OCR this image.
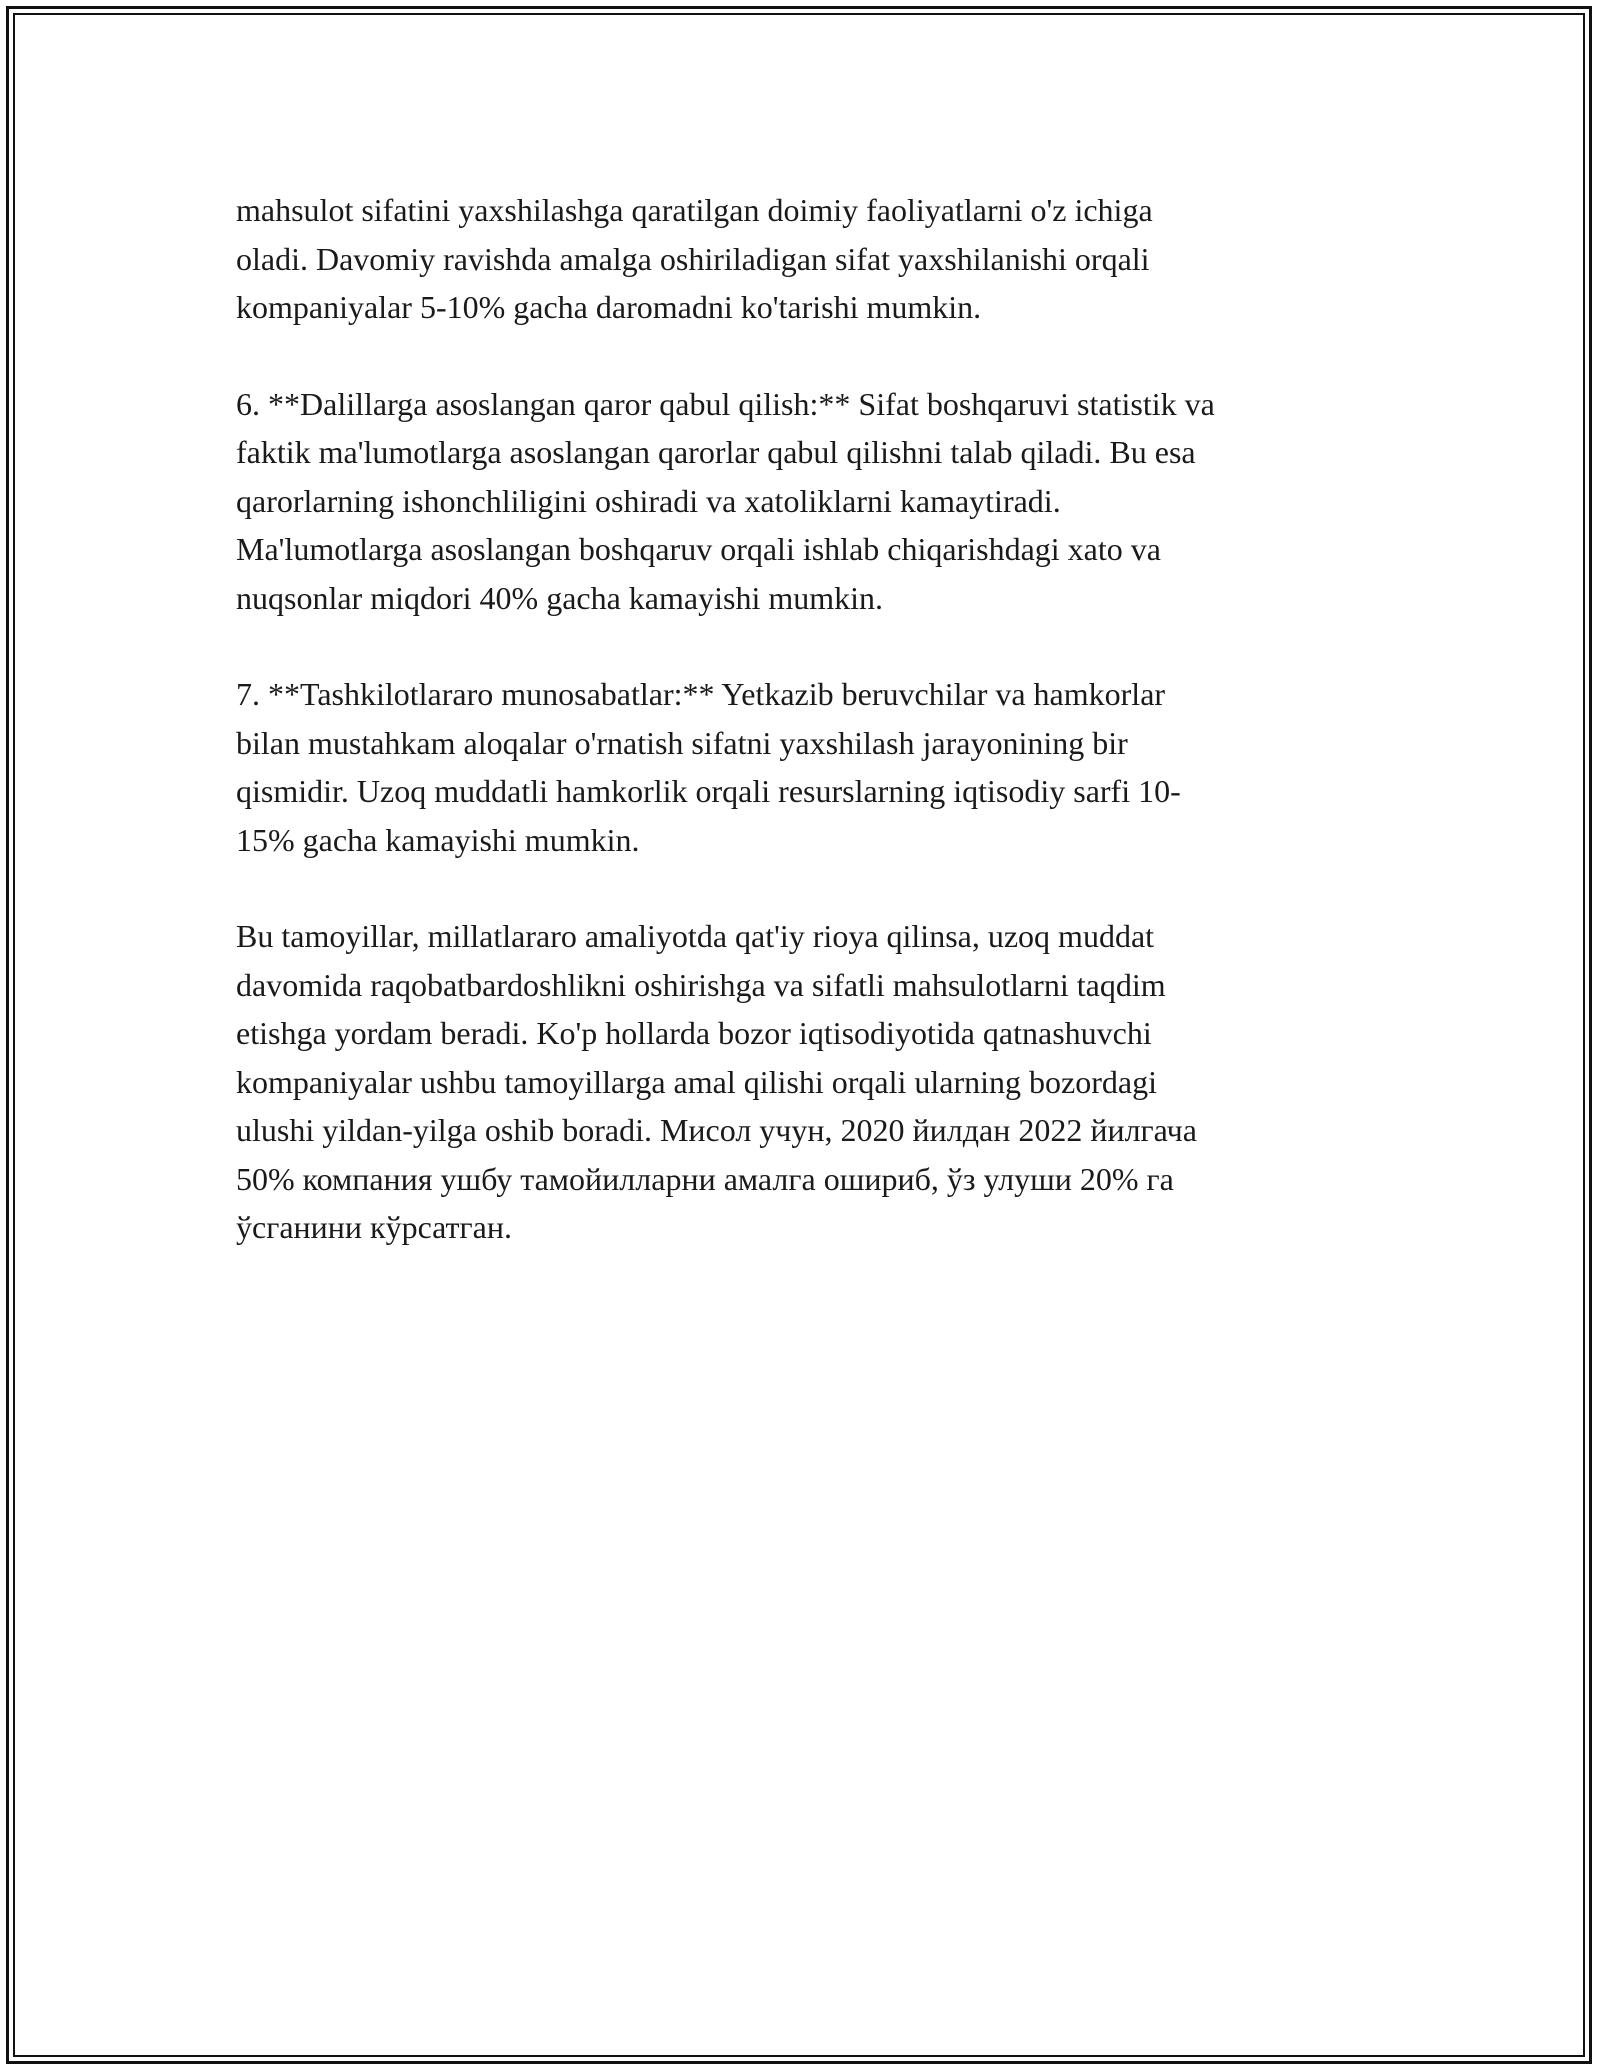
mahsulot sifatini yaxshilashga qaratilgan doimiy faoliyatlarni o'z ichiga
oladi. Davomiy ravishda amalga oshiriladigan sifat yaxshilanishi orqali
kompaniyalar 5-10% gacha daromadni ko'tarishi mumkin.

6. **Dalillarga asoslangan qaror qabul qilish:** Sifat boshqaruvi statistik va
faktik ma'lumotlarga asoslangan qarorlar qabul qilishni talab qiladi. Bu esa
qarorlarning ishonchliligini oshiradi va xatoliklarni kamaytiradi.
Ma'lumotlarga asoslangan boshqaruv orqali ishlab chiqarishdagi xato va
nuqsonlar miqdori 40% gacha kamayishi mumkin.

7. **Tashkilotlararo munosabatlar:** Yetkazib beruvchilar va hamkorlar
bilan mustahkam aloqalar o'rnatish sifatni yaxshilash jarayonining bir
qismidir. Uzoq muddatli hamkorlik orqali resurslarning iqtisodiy sarfi 10-
15% gacha kamayishi mumkin.

Bu tamoyillar, millatlararo amaliyotda qat'iy rioya qilinsa, uzoq muddat
davomida raqobatbardoshlikni oshirishga va sifatli mahsulotlarni taqdim
etishga yordam beradi. Ko'p hollarda bozor iqtisodiyotida qatnashuvchi
kompaniyalar ushbu tamoyillarga amal qilishi orqali ularning bozordagi
ulushi yildan-yilga oshib boradi. Мисол учун, 2020 йилдан 2022 йилгача
50% компания ушбу тамойилларни амалга ошириб, ўз улуши 20% га
ўсганини кўрсатган.
